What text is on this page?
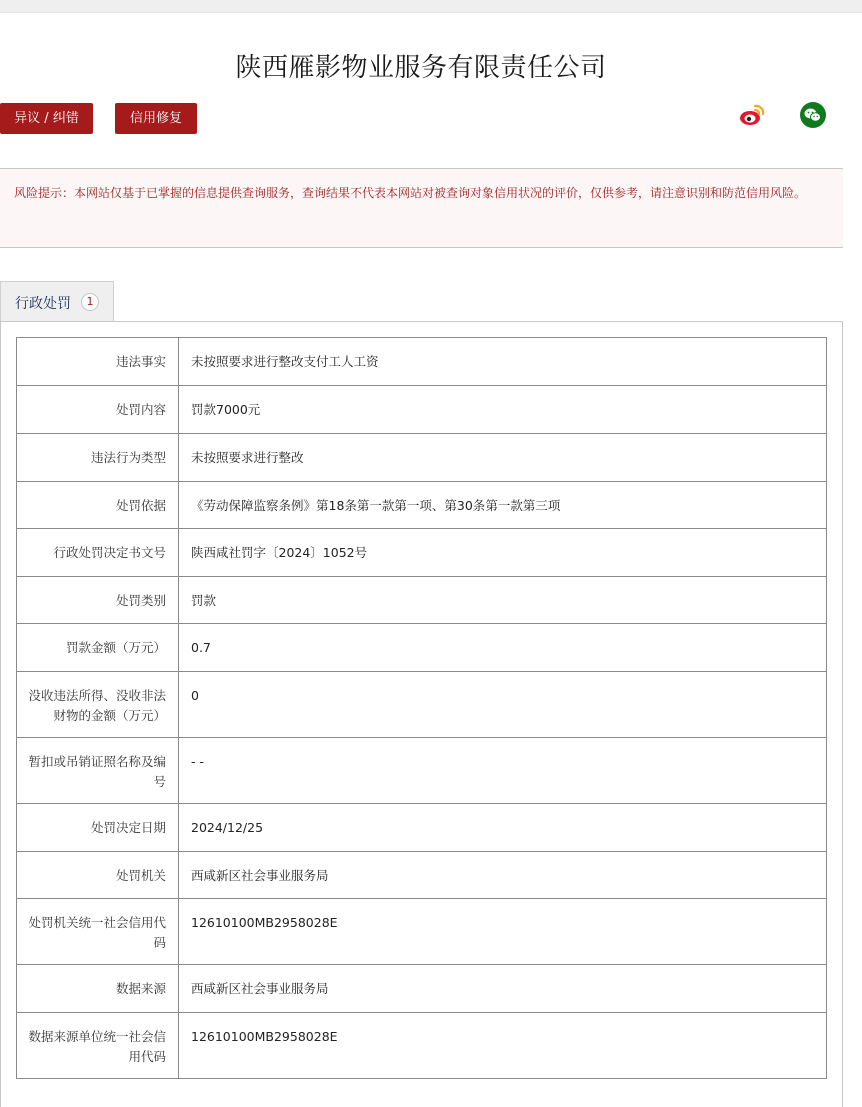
陕西雁影物业服务有限责任公司
异议 / 纠错	信用修复
风险提示：本网站仅基于已掌握的信息提供查询服务，查询结果不代表本网站对被查询对象信用状况的评价，仅供参考，请注意识别和防范信用风险。
行政处罚	1
违法事实	未按照要求进行整改支付工人工资
处罚内容	罚款7000元
违法行为类型	未按照要求进行整改
处罚依据	《劳动保障监察条例》第18条第一款第一项、第30条第一款第三项
行政处罚决定书文号	陕西咸社罚字〔2024〕1052号
处罚类别	罚款
罚款金额（万元）	0.7
没收违法所得、没收非法财物的金额（万元）	0
暂扣或吊销证照名称及编号	- -
处罚决定日期	2024/12/25
处罚机关	西咸新区社会事业服务局
处罚机关统一社会信用代码	12610100MB2958028E
数据来源	西咸新区社会事业服务局
数据来源单位统一社会信用代码	12610100MB2958028E
